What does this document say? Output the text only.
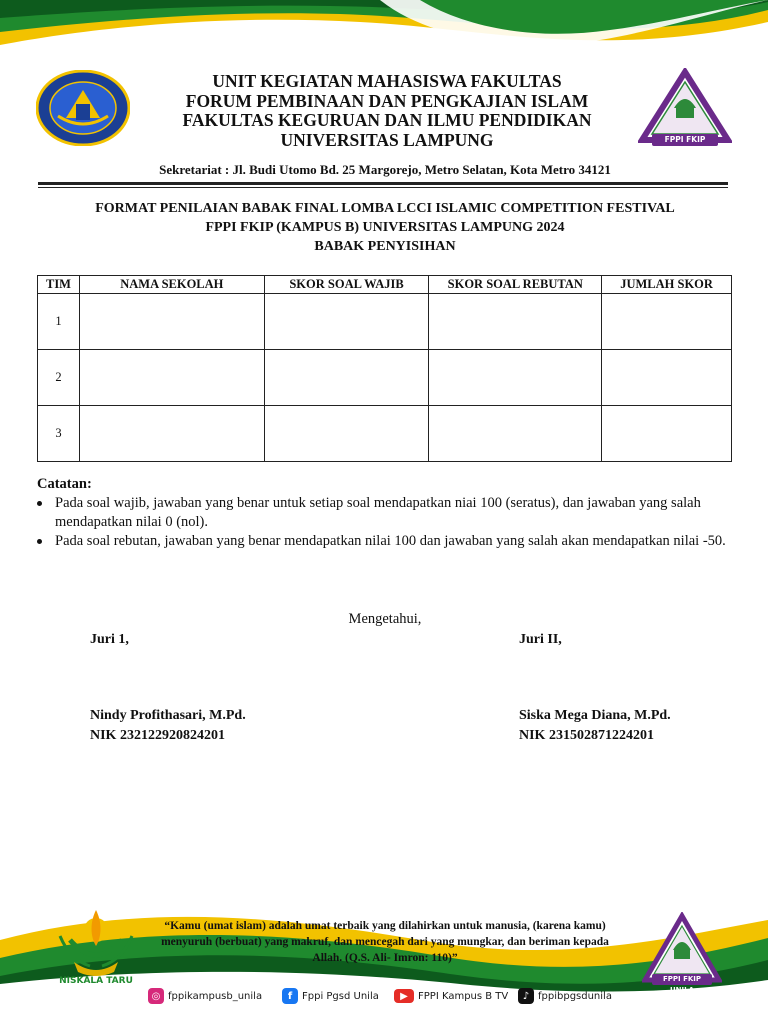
FPPI FKIP UNILA
UNIT KEGIATAN MAHASISWA FAKULTAS
FORUM PEMBINAAN DAN PENGKAJIAN ISLAM
FAKULTAS KEGURUAN DAN ILMU PENDIDIKAN
UNIVERSITAS LAMPUNG
Sekretariat : Jl. Budi Utomo Bd. 25 Margorejo, Metro Selatan, Kota Metro 34121
FORMAT PENILAIAN BABAK FINAL LOMBA LCCI ISLAMIC COMPETITION FESTIVAL
FPPI FKIP (KAMPUS B) UNIVERSITAS LAMPUNG 2024
BABAK PENYISIHAN
TIM	NAMA SEKOLAH	SKOR SOAL WAJIB	SKOR SOAL REBUTAN	JUMLAH SKOR
1				
2				
3				
Catatan:
Pada soal wajib, jawaban yang benar untuk setiap soal mendapatkan niai 100 (seratus), dan jawaban yang salah mendapatkan nilai 0 (nol).
Pada soal rebutan, jawaban yang benar mendapatkan nilai 100 dan jawaban yang salah akan mendapatkan nilai -50.
Mengetahui,
Juri 1,	Juri II,
Nindy Profithasari, M.Pd.
NIK 232122920824201
Siska Mega Diana, M.Pd.
NIK 231502871224201
NISKALA TARU	FPPI FKIP UNILA
“Kamu (umat islam) adalah umat terbaik yang dilahirkan untuk manusia, (karena kamu) menyuruh (berbuat) yang makruf, dan mencegah dari yang mungkar, dan beriman kepada Allah. (Q.S. Ali- Imron: 110)”
◎ fppikampusb_unila	f Fppi Pgsd Unila	▶	FPPI Kampus B TV	♪ fppibpgsdunila
